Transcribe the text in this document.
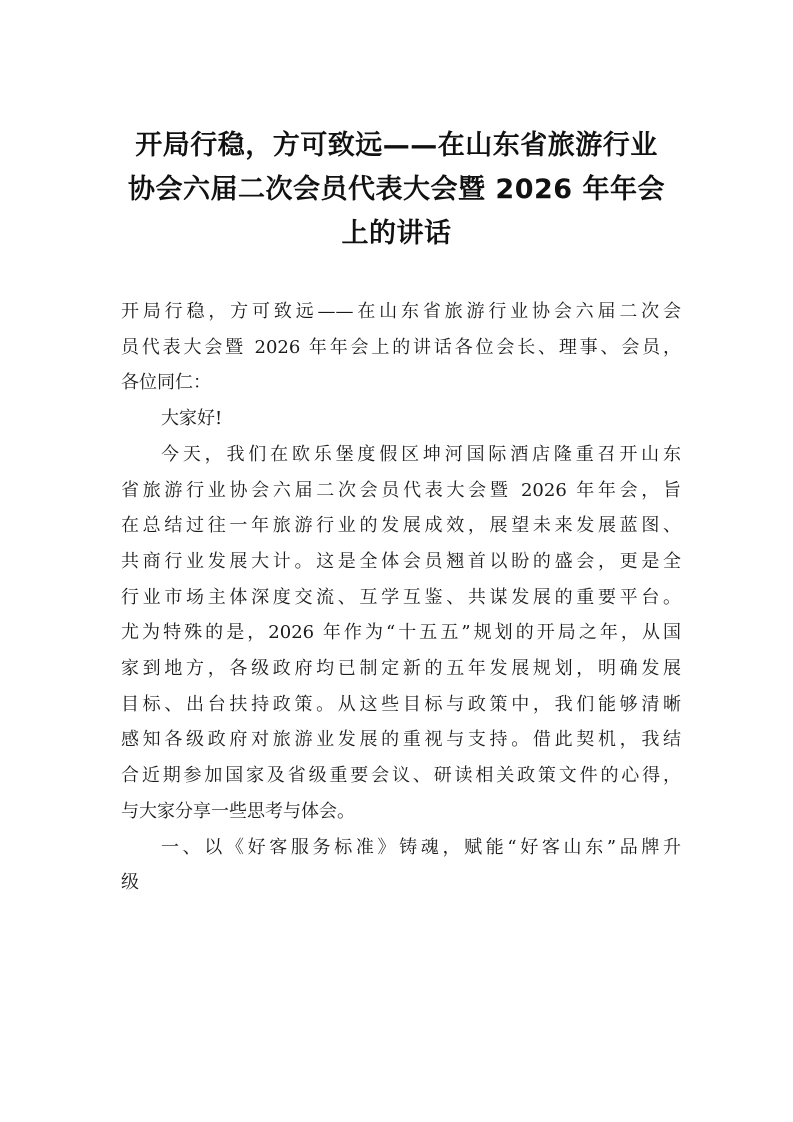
开局行稳，方可致远——在山东省旅游行业
协会六届二次会员代表大会暨 2026 年年会
上的讲话

开局行稳，方可致远——在山东省旅游行业协会六届二次会
员代表大会暨 2026 年年会上的讲话各位会长、理事、会员，
各位同仁：

大家好!

今天，我们在欧乐堡度假区坤河国际酒店隆重召开山东
省旅游行业协会六届二次会员代表大会暨 2026 年年会，旨
在总结过往一年旅游行业的发展成效，展望未来发展蓝图、
共商行业发展大计。这是全体会员翘首以盼的盛会，更是全
行业市场主体深度交流、互学互鉴、共谋发展的重要平台。
尤为特殊的是，2026 年作为“十五五”规划的开局之年，从国
家到地方，各级政府均已制定新的五年发展规划，明确发展
目标、出台扶持政策。从这些目标与政策中，我们能够清晰
感知各级政府对旅游业发展的重视与支持。借此契机，我结
合近期参加国家及省级重要会议、研读相关政策文件的心得，
与大家分享一些思考与体会。

一、以《好客服务标准》铸魂，赋能“好客山东”品牌升
级
